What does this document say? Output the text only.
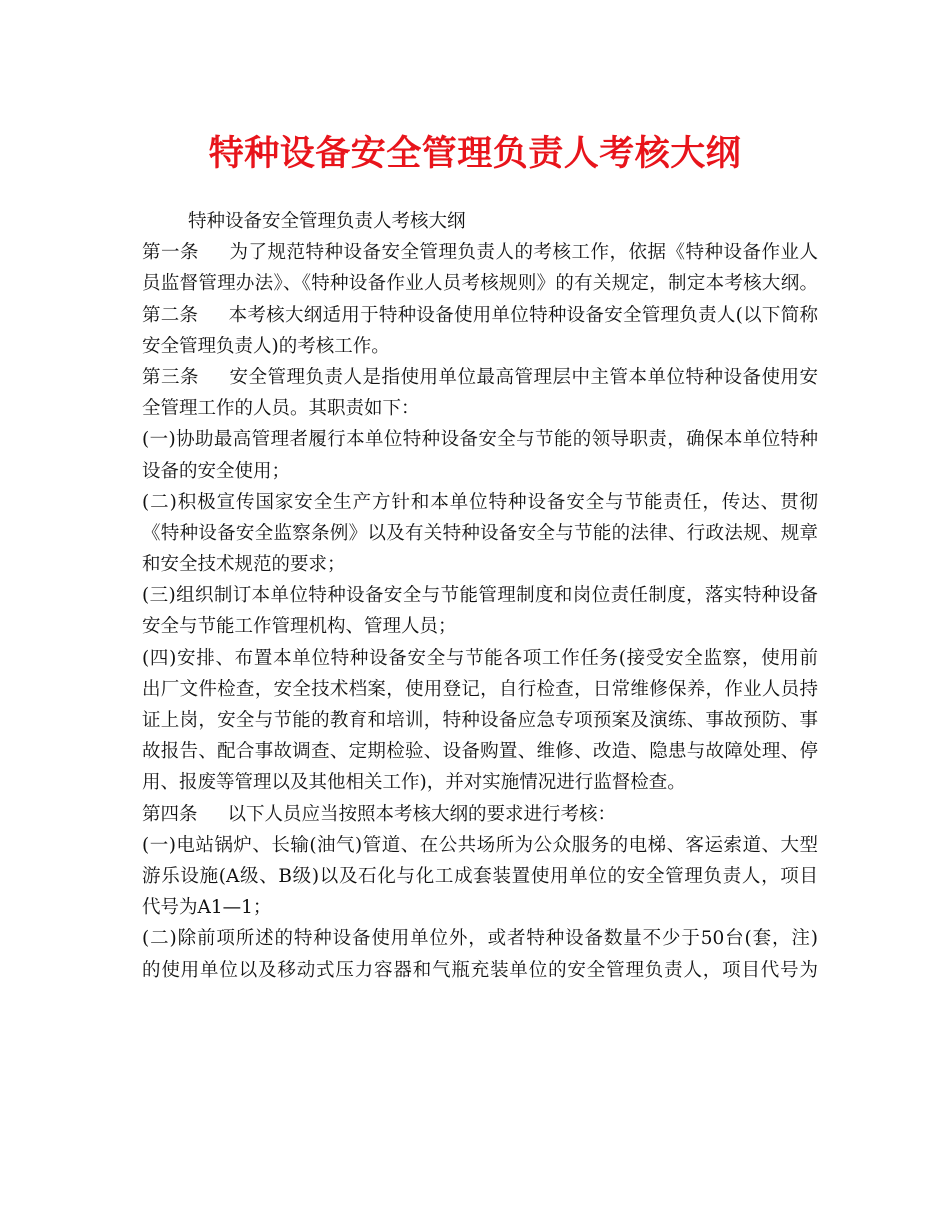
特种设备安全管理负责人考核大纲
特种设备安全管理负责人考核大纲
第一条 为了规范特种设备安全管理负责人的考核工作，依据《特种设备作业人
员监督管理办法》、《特种设备作业人员考核规则》的有关规定，制定本考核大纲。
第二条 本考核大纲适用于特种设备使用单位特种设备安全管理负责人(以下简称
安全管理负责人)的考核工作。
第三条 安全管理负责人是指使用单位最高管理层中主管本单位特种设备使用安
全管理工作的人员。其职责如下：
(一)协助最高管理者履行本单位特种设备安全与节能的领导职责，确保本单位特种
设备的安全使用；
(二)积极宣传国家安全生产方针和本单位特种设备安全与节能责任，传达、贯彻
《特种设备安全监察条例》以及有关特种设备安全与节能的法律、行政法规、规章
和安全技术规范的要求；
(三)组织制订本单位特种设备安全与节能管理制度和岗位责任制度，落实特种设备
安全与节能工作管理机构、管理人员；
(四)安排、布置本单位特种设备安全与节能各项工作任务(接受安全监察，使用前
出厂文件检查，安全技术档案，使用登记，自行检查，日常维修保养，作业人员持
证上岗，安全与节能的教育和培训，特种设备应急专项预案及演练、事故预防、事
故报告、配合事故调查、定期检验、设备购置、维修、改造、隐患与故障处理、停
用、报废等管理以及其他相关工作)，并对实施情况进行监督检查。
第四条 以下人员应当按照本考核大纲的要求进行考核：
(一)电站锅炉、长输(油气)管道、在公共场所为公众服务的电梯、客运索道、大型
游乐设施(A级、B级)以及石化与化工成套装置使用单位的安全管理负责人，项目
代号为A1—1；
(二)除前项所述的特种设备使用单位外，或者特种设备数量不少于50台(套，注)
的使用单位以及移动式压力容器和气瓶充装单位的安全管理负责人，项目代号为
